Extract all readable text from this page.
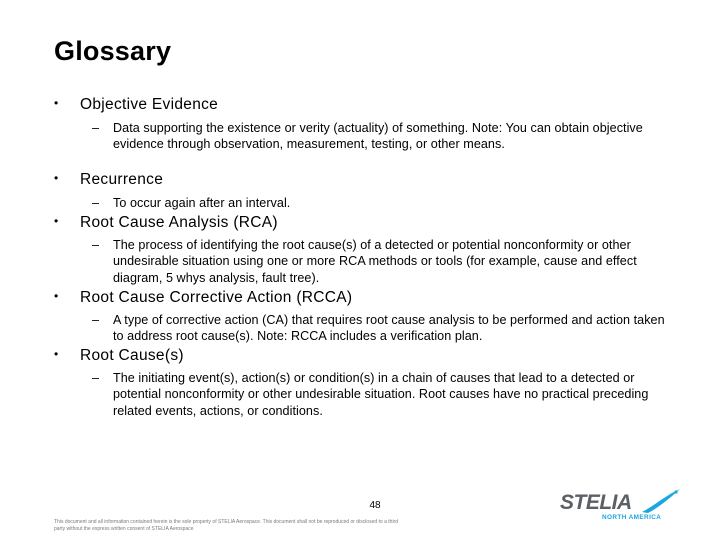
Glossary
• Objective Evidence
–	Data supporting the existence or verity (actuality) of something. Note: You can obtain objective evidence through observation, measurement, testing, or other means.
• Recurrence
–	To occur again after an interval.
• Root Cause Analysis (RCA)
–	The process of identifying the root cause(s) of a detected or potential nonconformity or other undesirable situation using one or more RCA methods or tools (for example, cause and effect diagram, 5 whys analysis, fault tree).
• Root Cause Corrective Action (RCCA)
–	A type of corrective action (CA) that requires root cause analysis to be performed and action taken to address root cause(s). Note: RCCA includes a verification plan.
• Root Cause(s)
–	The initiating event(s), action(s) or condition(s) in a chain of causes that lead to a detected or potential nonconformity or other undesirable situation. Root causes have no practical preceding related events, actions, or conditions.
48
This document and all information contained herein is the sole property of STELIA Aerospace. This document shall not be reproduced or disclosed to a third party without the express written consent of STELIA Aerospace
STELIA
NORTH AMERICA
